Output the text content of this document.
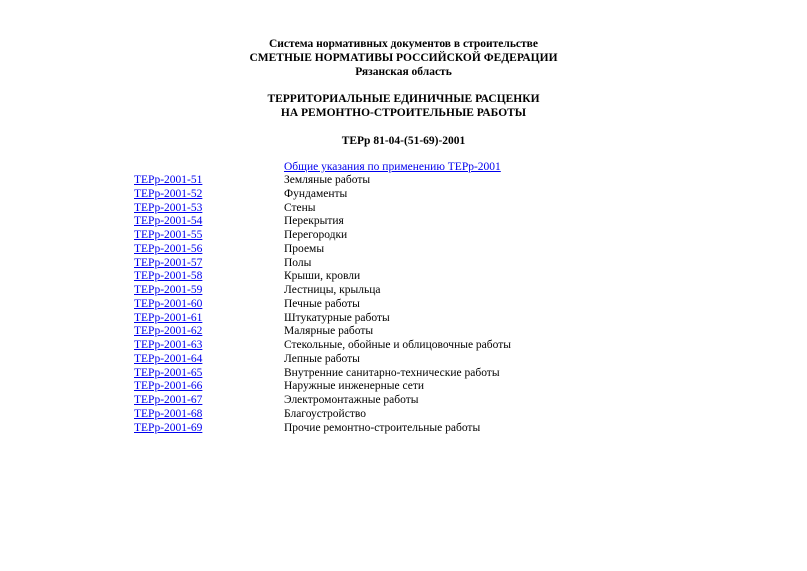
Система нормативных документов в строительстве
СМЕТНЫЕ НОРМАТИВЫ РОССИЙСКОЙ ФЕДЕРАЦИИ
Рязанская область
ТЕРРИТОРИАЛЬНЫЕ ЕДИНИЧНЫЕ РАСЦЕНКИ
НА РЕМОНТНО-СТРОИТЕЛЬНЫЕ РАБОТЫ
ТЕРр 81-04-(51-69)-2001
Общие указания по применению ТЕРр-2001
ТЕРр-2001-51	Земляные работы
ТЕРр-2001-52	Фундаменты
ТЕРр-2001-53	Стены
ТЕРр-2001-54	Перекрытия
ТЕРр-2001-55	Перегородки
ТЕРр-2001-56	Проемы
ТЕРр-2001-57	Полы
ТЕРр-2001-58	Крыши, кровли
ТЕРр-2001-59	Лестницы, крыльца
ТЕРр-2001-60	Печные работы
ТЕРр-2001-61	Штукатурные работы
ТЕРр-2001-62	Малярные работы
ТЕРр-2001-63	Стекольные, обойные и облицовочные работы
ТЕРр-2001-64	Лепные работы
ТЕРр-2001-65	Внутренние санитарно-технические работы
ТЕРр-2001-66	Наружные инженерные сети
ТЕРр-2001-67	Электромонтажные работы
ТЕРр-2001-68	Благоустройство
ТЕРр-2001-69	Прочие ремонтно-строительные работы
